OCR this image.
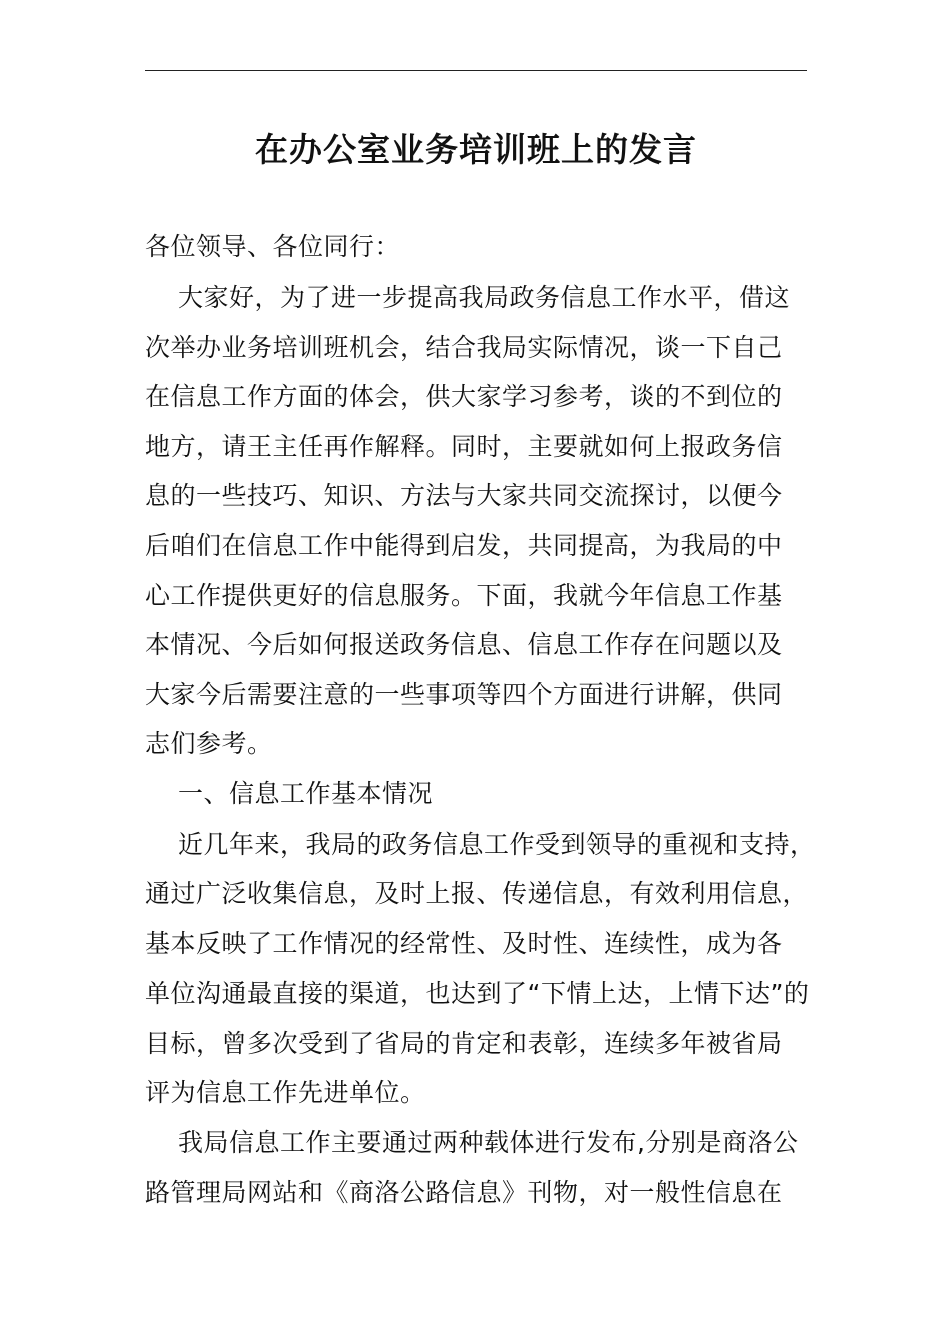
在办公室业务培训班上的发言
各位领导、各位同行：
大家好，为了进一步提高我局政务信息工作水平，借这
次举办业务培训班机会，结合我局实际情况，谈一下自己
在信息工作方面的体会，供大家学习参考，谈的不到位的
地方，请王主任再作解释。同时，主要就如何上报政务信
息的一些技巧、知识、方法与大家共同交流探讨，以便今
后咱们在信息工作中能得到启发，共同提高，为我局的中
心工作提供更好的信息服务。下面，我就今年信息工作基
本情况、今后如何报送政务信息、信息工作存在问题以及
大家今后需要注意的一些事项等四个方面进行讲解，供同
志们参考。
一、信息工作基本情况
近几年来，我局的政务信息工作受到领导的重视和支持，
通过广泛收集信息，及时上报、传递信息，有效利用信息，
基本反映了工作情况的经常性、及时性、连续性，成为各
单位沟通最直接的渠道，也达到了“下情上达，上情下达”的
目标，曾多次受到了省局的肯定和表彰，连续多年被省局
评为信息工作先进单位。
我局信息工作主要通过两种载体进行发布,分别是商洛公
路管理局网站和《商洛公路信息》刊物，对一般性信息在
